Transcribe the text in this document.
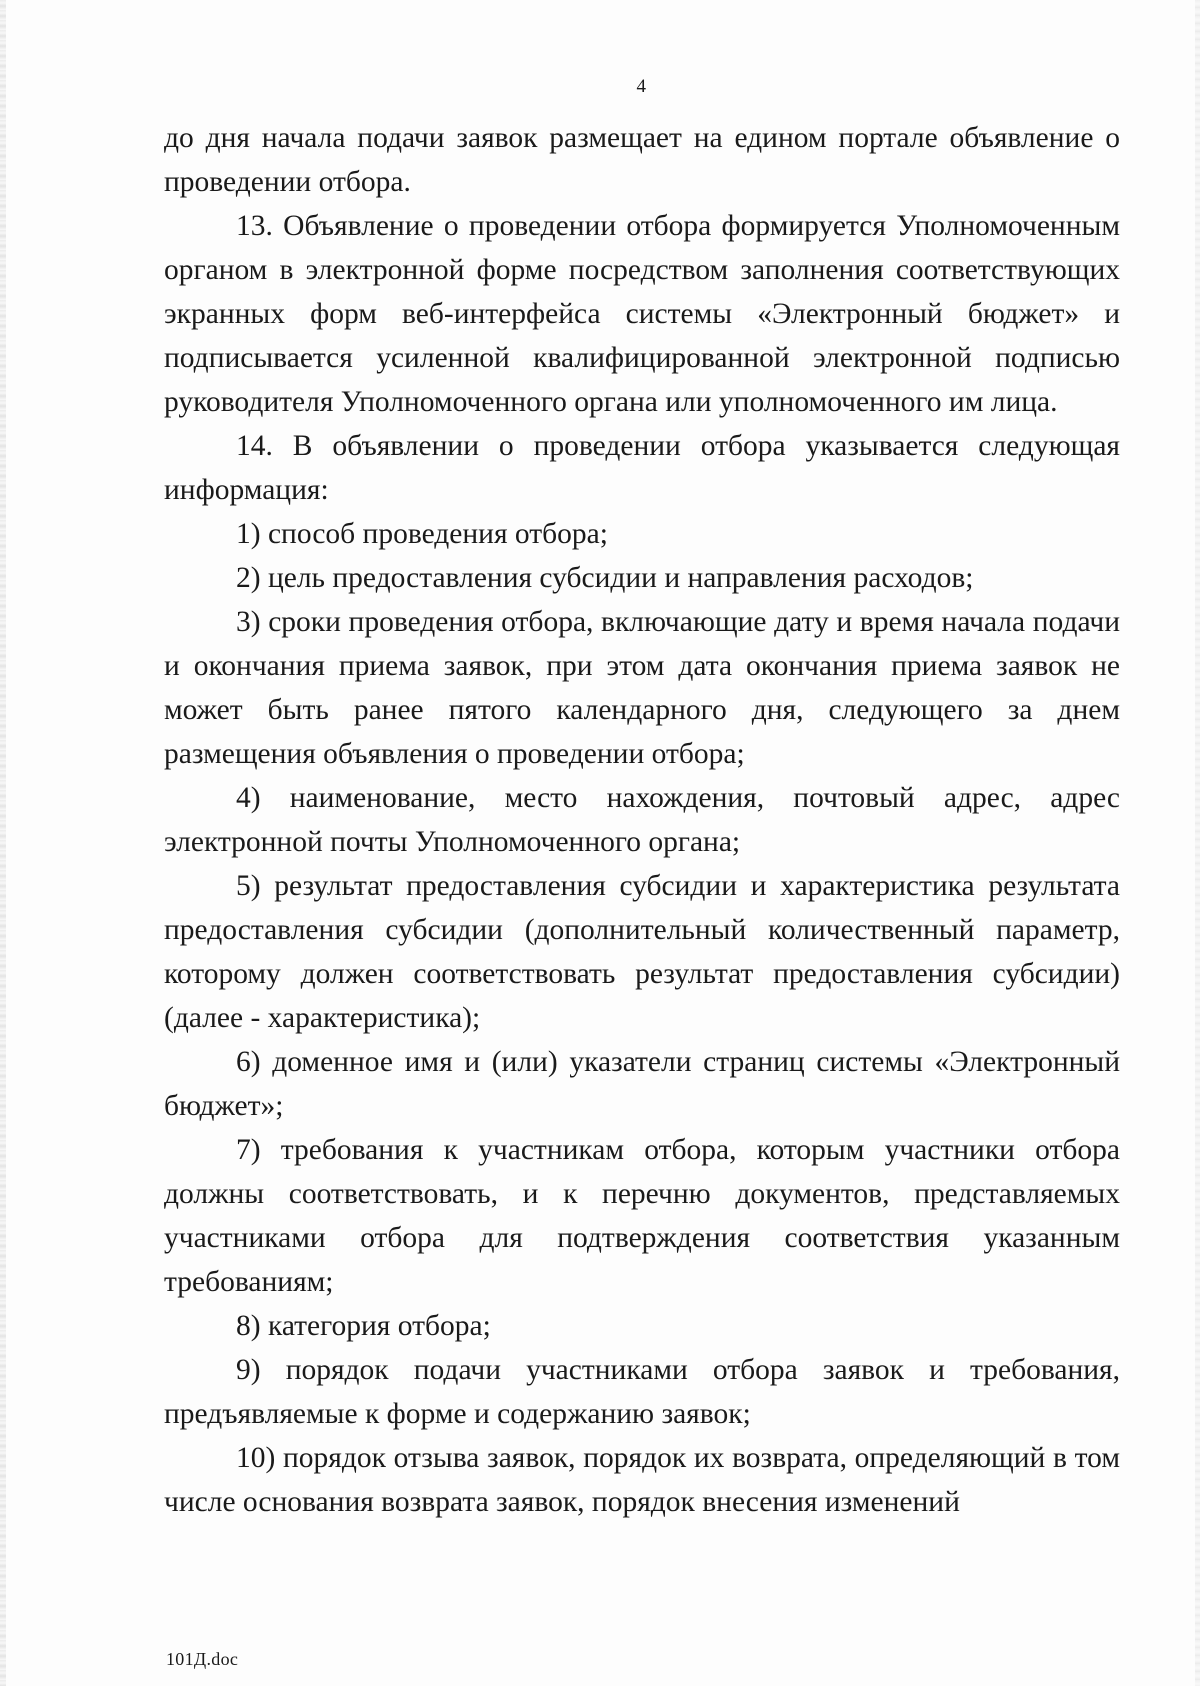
4

до дня начала подачи заявок размещает на едином портале объявление о проведении отбора.

13. Объявление о проведении отбора формируется Уполномоченным органом в электронной форме посредством заполнения соответствующих экранных форм веб-интерфейса системы «Электронный бюджет» и подписывается усиленной квалифицированной электронной подписью руководителя Уполномоченного органа или уполномоченного им лица.

14. В объявлении о проведении отбора указывается следующая информация:

1) способ проведения отбора;

2) цель предоставления субсидии и направления расходов;

3) сроки проведения отбора, включающие дату и время начала подачи и окончания приема заявок, при этом дата окончания приема заявок не может быть ранее пятого календарного дня, следующего за днем размещения объявления о проведении отбора;

4) наименование, место нахождения, почтовый адрес, адрес электронной почты Уполномоченного органа;

5) результат предоставления субсидии и характеристика результата предоставления субсидии (дополнительный количественный параметр, которому должен соответствовать результат предоставления субсидии) (далее - характеристика);

6) доменное имя и (или) указатели страниц системы «Электронный бюджет»;

7) требования к участникам отбора, которым участники отбора должны соответствовать, и к перечню документов, представляемых участниками отбора для подтверждения соответствия указанным требованиям;

8) категория отбора;

9) порядок подачи участниками отбора заявок и требования, предъявляемые к форме и содержанию заявок;

10) порядок отзыва заявок, порядок их возврата, определяющий в том числе основания возврата заявок, порядок внесения изменений

101Д.doc
